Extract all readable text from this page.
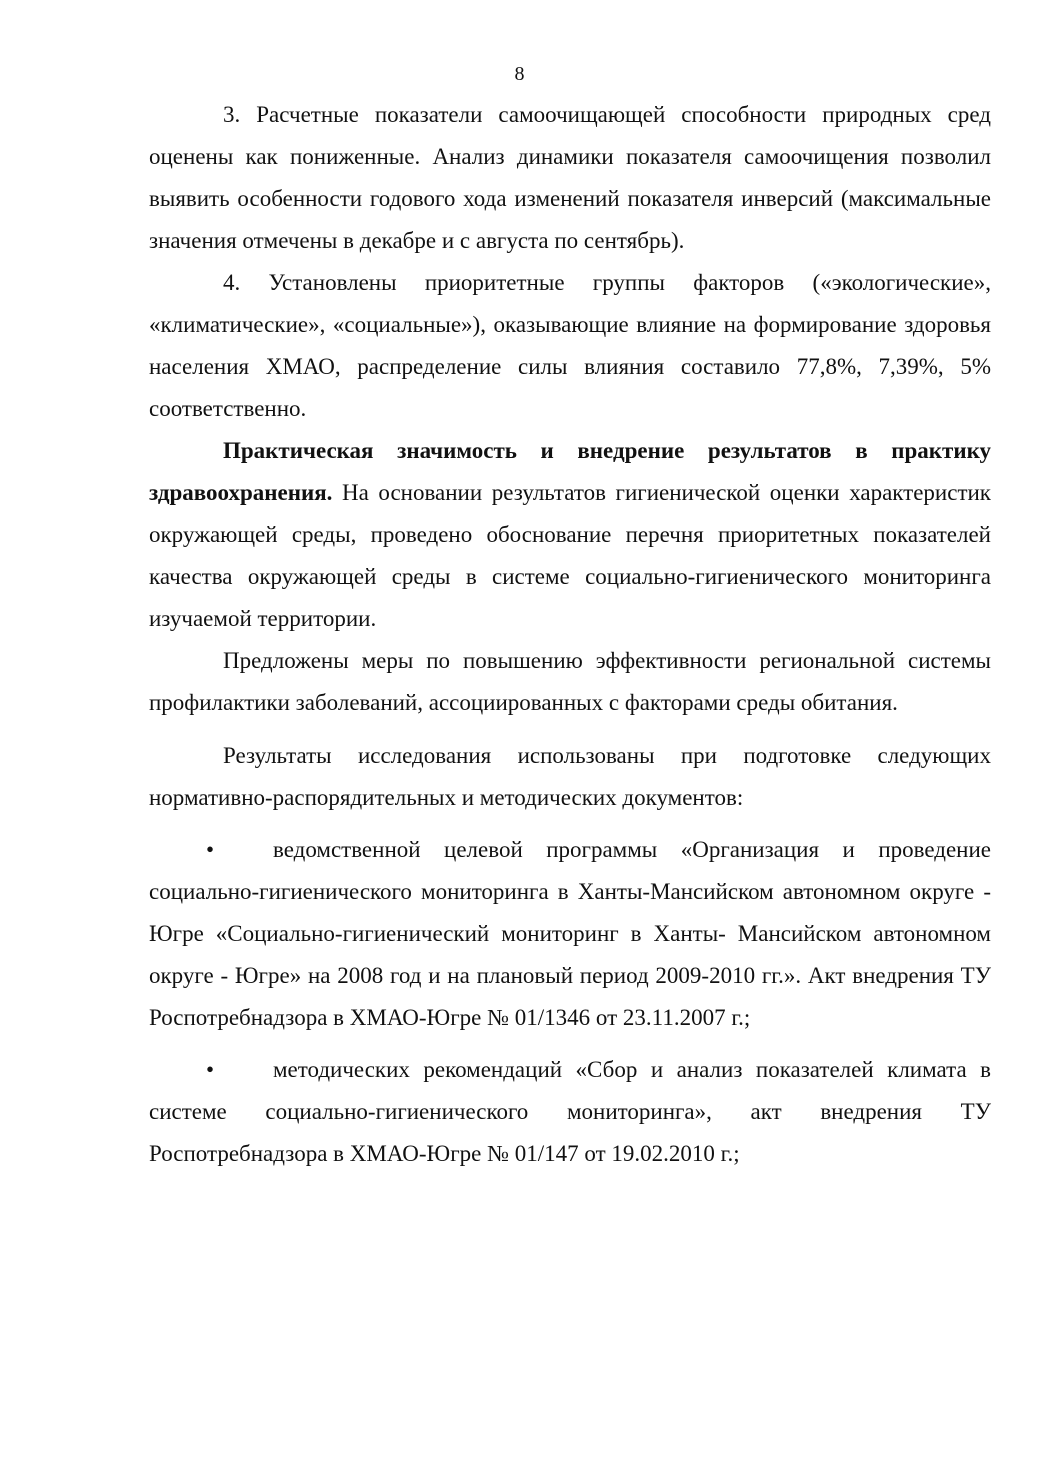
8

3. Расчетные показатели самоочищающей способности природных сред оценены как пониженные. Анализ динамики показателя самоочищения позволил выявить особенности годового хода изменений показателя инверсий (максимальные значения отмечены в декабре и с августа по сентябрь).

4. Установлены приоритетные группы факторов («экологические», «климатические», «социальные»), оказывающие влияние на формирование здоровья населения ХМАО, распределение силы влияния составило 77,8%, 7,39%, 5% соответственно.

Практическая значимость и внедрение результатов в практику здравоохранения. На основании результатов гигиенической оценки характеристик окружающей среды, проведено обоснование перечня приоритетных показателей качества окружающей среды в системе социально-гигиенического мониторинга изучаемой территории.

Предложены меры по повышению эффективности региональной системы профилактики заболеваний, ассоциированных с факторами среды обитания.

Результаты исследования использованы при подготовке следующих нормативно-распорядительных и методических документов:

•	ведомственной целевой программы «Организация и проведение социально-гигиенического мониторинга в Ханты-Мансийском автономном округе - Югре «Социально-гигиенический мониторинг в Ханты- Мансийском автономном округе - Югре» на 2008 год и на плановый период 2009-2010 гг.». Акт внедрения ТУ Роспотребнадзора в ХМАО-Югре № 01/1346 от 23.11.2007 г.;

•	методических рекомендаций «Сбор и анализ показателей климата в системе социально-гигиенического мониторинга», акт внедрения ТУ Роспотребнадзора в ХМАО-Югре № 01/147 от 19.02.2010 г.;
